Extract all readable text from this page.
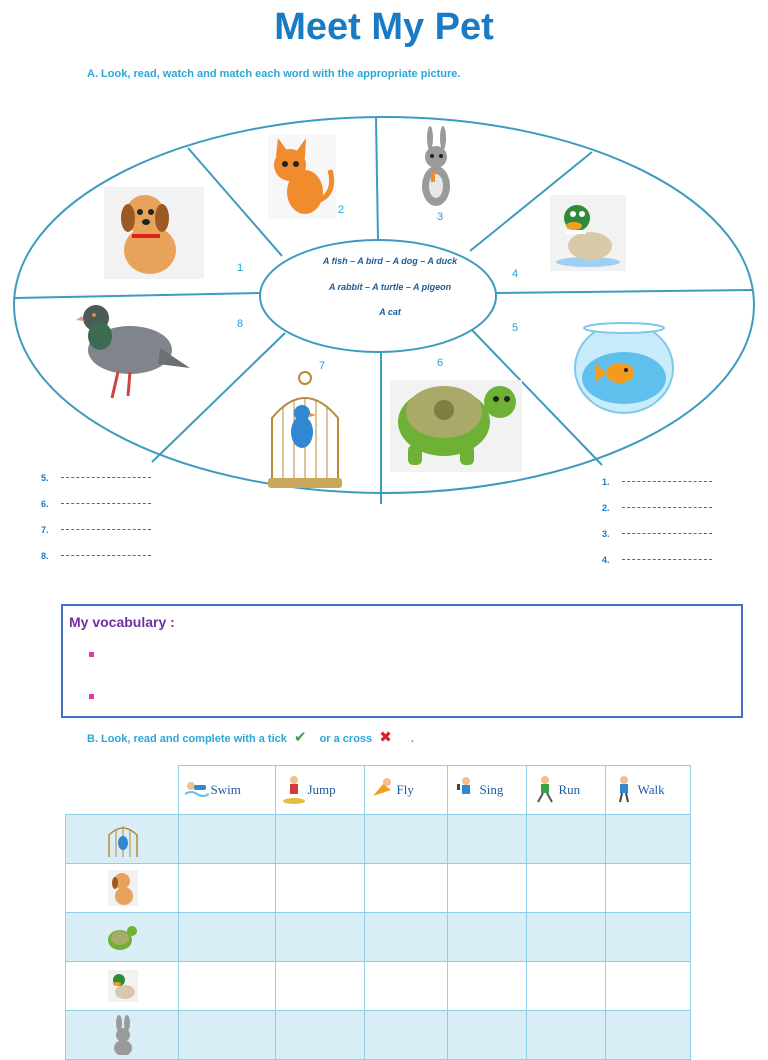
Meet My Pet
A. Look, read, watch and match each word with the appropriate picture.
1
2
3
4
5
6
7
8
A fish – A bird – A dog – A duck
A rabbit – A turtle – A pigeon
A cat
5.
6.
7.
8.
1.
2.
3.
4.
My vocabulary :
B. Look, read and complete with a tick ✔ or a cross ✖ .

	Swim	Jump	Fly	Sing	Run	Walk
